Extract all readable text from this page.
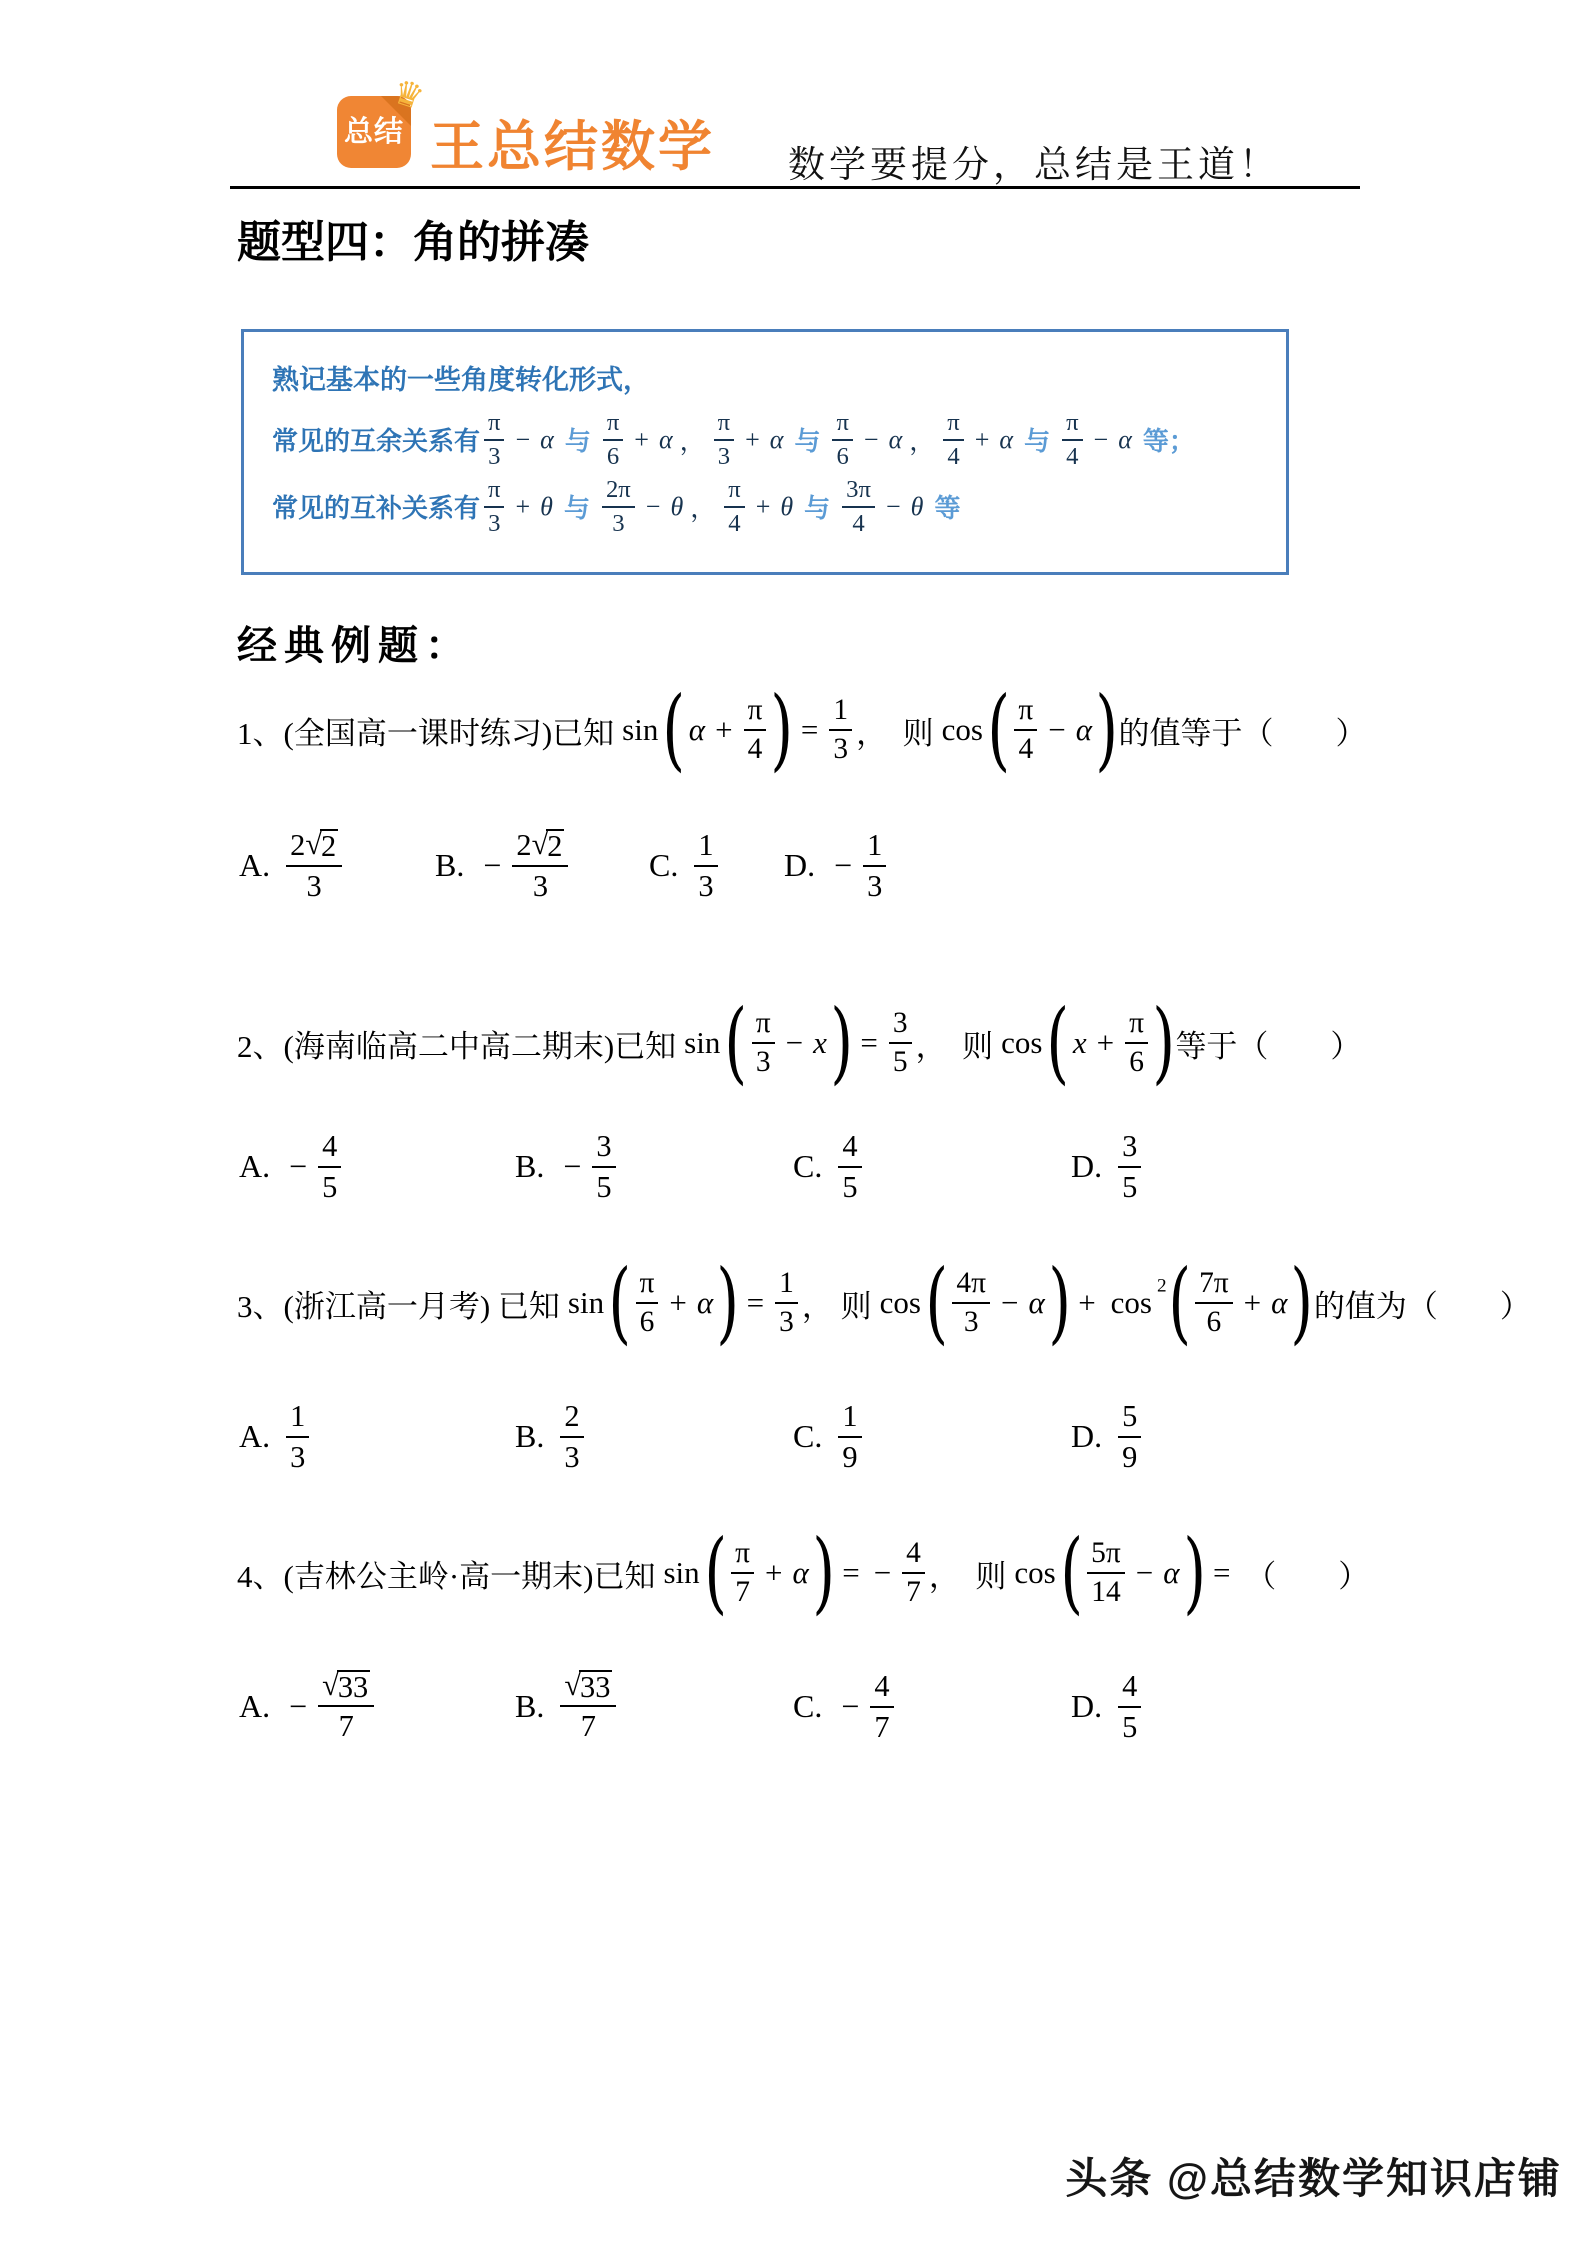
♛
总结 王总结数学 数学要提分，总结是王道！
题型四：角的拼凑
熟记基本的一些角度转化形式，
常见的互余关系有 $\frac{\pi}{3} - \alpha$ 与 $\frac{\pi}{6} + \alpha$ ， $\frac{\pi}{3} + \alpha$ 与 $\frac{\pi}{6} - \alpha$ ， $\frac{\pi}{4} + \alpha$ 与 $\frac{\pi}{4} - \alpha$ 等；
常见的互补关系有 $\frac{\pi}{3} + \theta$ 与 $\frac{2\pi}{3} - \theta$ ， $\frac{\pi}{4} + \theta$ 与 $\frac{3\pi}{4} - \theta$ 等
经典例题：
1、(全国高一课时练习)已知 sin ( $\alpha + \frac{\pi}{4}$ ) = $\frac{1}{3}$ ，  则 cos ( $\frac{\pi}{4} - \alpha$ ) 的值等于（　　）
A. $\frac{2 √ 2}{3}$	B. − $\frac{2 √ 2}{3}$	C. $\frac{1}{3} D$. − $\frac{1}{3}$
2、(海南临高二中高二期末)已知 sin ( $\frac{\pi}{3} - x$ ) = $\frac{3}{5}$ ，  则 cos ( $x + \frac{\pi}{6}$ ) 等于（　　）
A. − $\frac{4}{5}$	B. − $\frac{3}{5}$	C. $\frac{4}{5}$	D. $\frac{3}{5}$
3、(浙江高一月考) 已知 sin ( $\frac{\pi}{6} + \alpha$ ) = $\frac{1}{3}$ ， 则 cos ( $\frac{4\pi}{3} - \alpha$ ) + cos 2 ( $\frac{7\pi}{6} + \alpha$ ) 的值为（　　）
A. $\frac{1}{3}$	B. $\frac{2}{3}$	C. $\frac{1}{9}$	D. $\frac{5}{9}$
4、(吉林公主岭·高一期末)已知 sin ( $\frac{\pi}{7} + \alpha$ ) = − $\frac{4}{7}$ ，  则 cos ( $\frac{5\pi}{14} - \alpha$ ) = （　　）
A. − $\frac{√ 33}{7}$	B. $\frac{√ 33}{7}$	C. − $\frac{4}{7}$	D. $\frac{4}{5}$
头条 @总结数学知识店铺
